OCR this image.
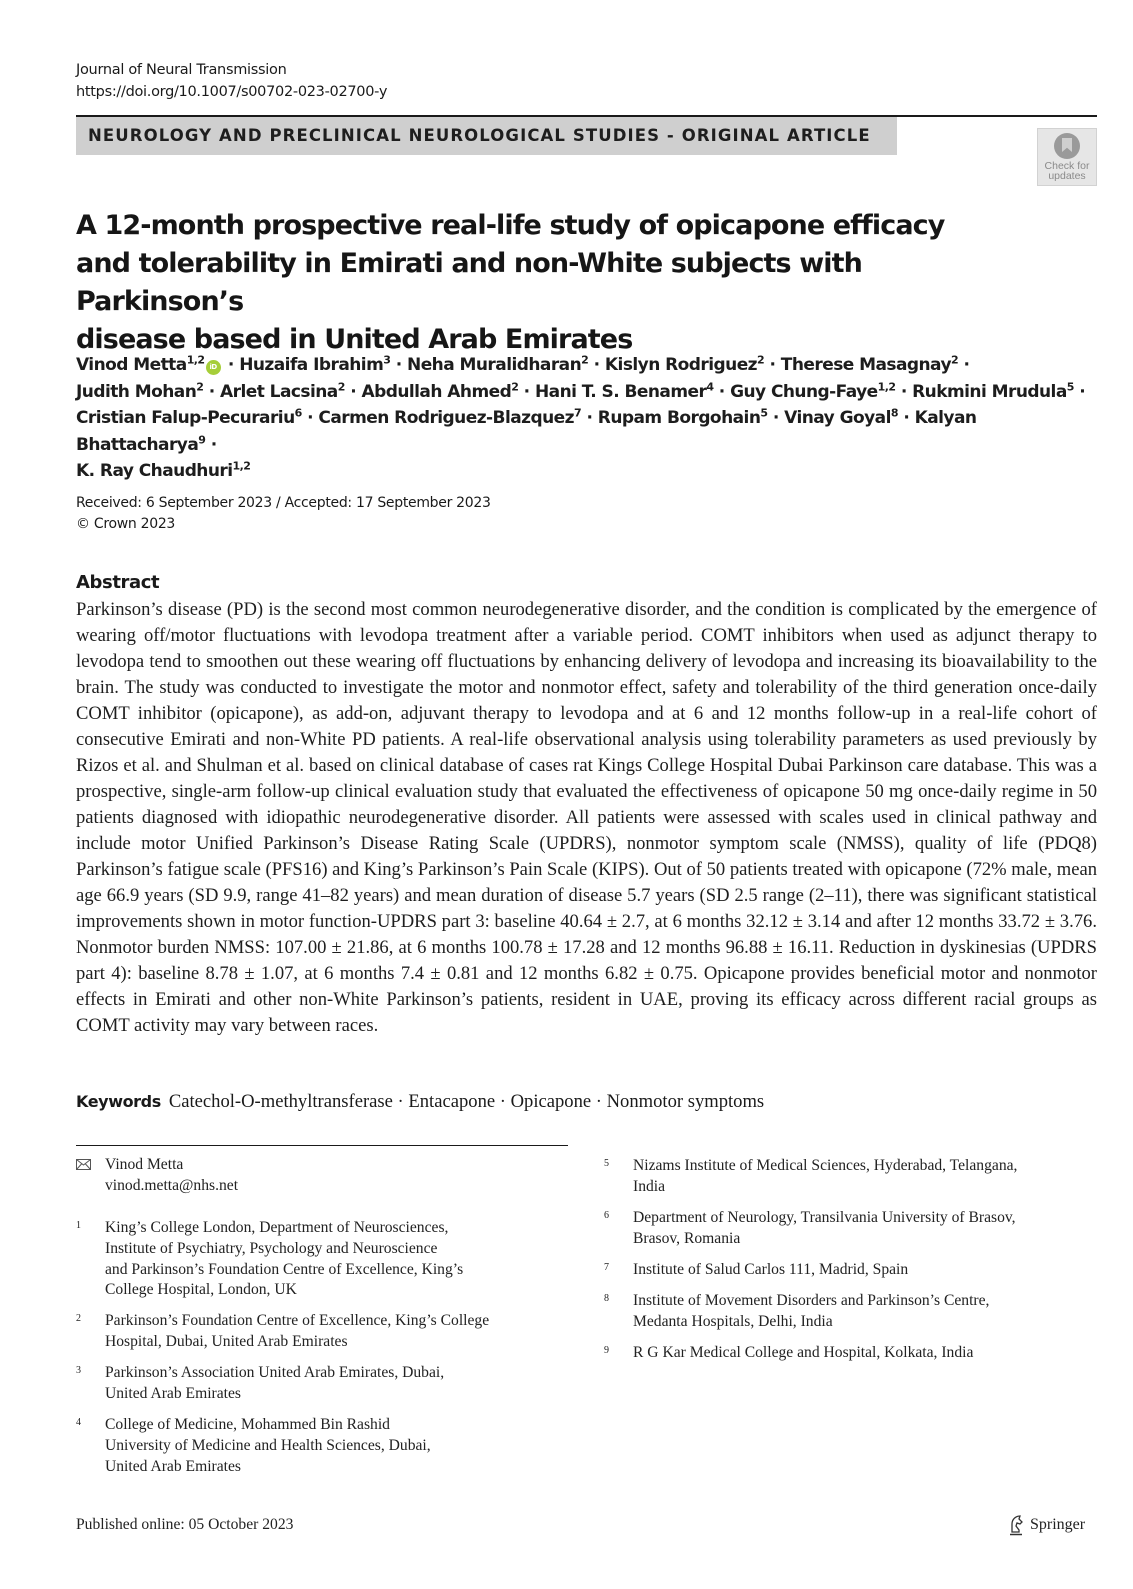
Journal of Neural Transmission
https://doi.org/10.1007/s00702-023-02700-y
NEUROLOGY AND PRECLINICAL NEUROLOGICAL STUDIES - ORIGINAL ARTICLE
Check for
updates
A 12-month prospective real-life study of opicapone efficacy
and tolerability in Emirati and non-White subjects with Parkinson’s
disease based in United Arab Emirates
Vinod Metta$^{1,2}$iD · Huzaifa Ibrahim$^3$ · Neha Muralidharan$^2$ · Kislyn Rodriguez$^2$ · Therese Masagnay$^2$ ·
Judith Mohan$^2$ · Arlet Lacsina$^2$ · Abdullah Ahmed$^2$ · Hani T. S. Benamer$^4$ · Guy Chung-Faye$^{1,2}$ · Rukmini Mrudula$^5$ ·
Cristian Falup-Pecurariu$^6$ · Carmen Rodriguez-Blazquez$^7$ · Rupam Borgohain$^5$ · Vinay Goyal$^8$ · Kalyan Bhattacharya$^9$ ·
K. Ray Chaudhuri$^{1,2}$
Received: 6 September 2023 / Accepted: 17 September 2023
© Crown 2023
Abstract
Parkinson’s disease (PD) is the second most common neurodegenerative disorder, and the condition is complicated by the emergence of wearing off/motor fluctuations with levodopa treatment after a variable period. COMT inhibitors when used as adjunct therapy to levodopa tend to smoothen out these wearing off fluctuations by enhancing delivery of levodopa and increasing its bioavailability to the brain. The study was conducted to investigate the motor and nonmotor effect, safety and tolerability of the third generation once-daily COMT inhibitor (opicapone), as add-on, adjuvant therapy to levodopa and at 6 and 12 months follow-up in a real-life cohort of consecutive Emirati and non-White PD patients. A real-life observational analysis using tolerability parameters as used previously by Rizos et al. and Shulman et al. based on clinical database of cases rat Kings College Hospital Dubai Parkinson care database. This was a prospective, single-arm follow-up clinical evaluation study that evaluated the effectiveness of opicapone 50 mg once-daily regime in 50 patients diagnosed with idiopathic neurodegenerative disorder. All patients were assessed with scales used in clinical pathway and include motor Unified Parkinson’s Disease Rating Scale (UPDRS), nonmotor symptom scale (NMSS), quality of life (PDQ8) Parkinson’s fatigue scale (PFS16) and King’s Parkinson’s Pain Scale (KIPS). Out of 50 patients treated with opicapone (72% male, mean age 66.9 years (SD 9.9, range 41–82 years) and mean duration of disease 5.7 years (SD 2.5 range (2–11), there was significant statistical improvements shown in motor function-UPDRS part 3: baseline 40.64 ± 2.7, at 6 months 32.12 ± 3.14 and after 12 months 33.72 ± 3.76. Nonmotor burden NMSS: 107.00 ± 21.86, at 6 months 100.78 ± 17.28 and 12 months 96.88 ± 16.11. Reduction in dyskinesias (UPDRS part 4): baseline 8.78 ± 1.07, at 6 months 7.4 ± 0.81 and 12 months 6.82 ± 0.75. Opicapone provides beneficial motor and nonmotor effects in Emirati and other non-White Parkinson’s patients, resident in UAE, proving its efficacy across different racial groups as COMT activity may vary between races.
Keywords Catechol-O-methyltransferase · Entacapone · Opicapone · Nonmotor symptoms
Vinod Metta
vinod.metta@nhs.net
1 King’s College London, Department of Neurosciences,
Institute of Psychiatry, Psychology and Neuroscience
and Parkinson’s Foundation Centre of Excellence, King’s
College Hospital, London, UK
2 Parkinson’s Foundation Centre of Excellence, King’s College
Hospital, Dubai, United Arab Emirates
3 Parkinson’s Association United Arab Emirates, Dubai,
United Arab Emirates
4 College of Medicine, Mohammed Bin Rashid
University of Medicine and Health Sciences, Dubai,
United Arab Emirates
5 Nizams Institute of Medical Sciences, Hyderabad, Telangana,
India
6 Department of Neurology, Transilvania University of Brasov,
Brasov, Romania
7 Institute of Salud Carlos 111, Madrid, Spain
8 Institute of Movement Disorders and Parkinson’s Centre,
Medanta Hospitals, Delhi, India
9 R G Kar Medical College and Hospital, Kolkata, India
Published online: 05 October 2023	Springer
